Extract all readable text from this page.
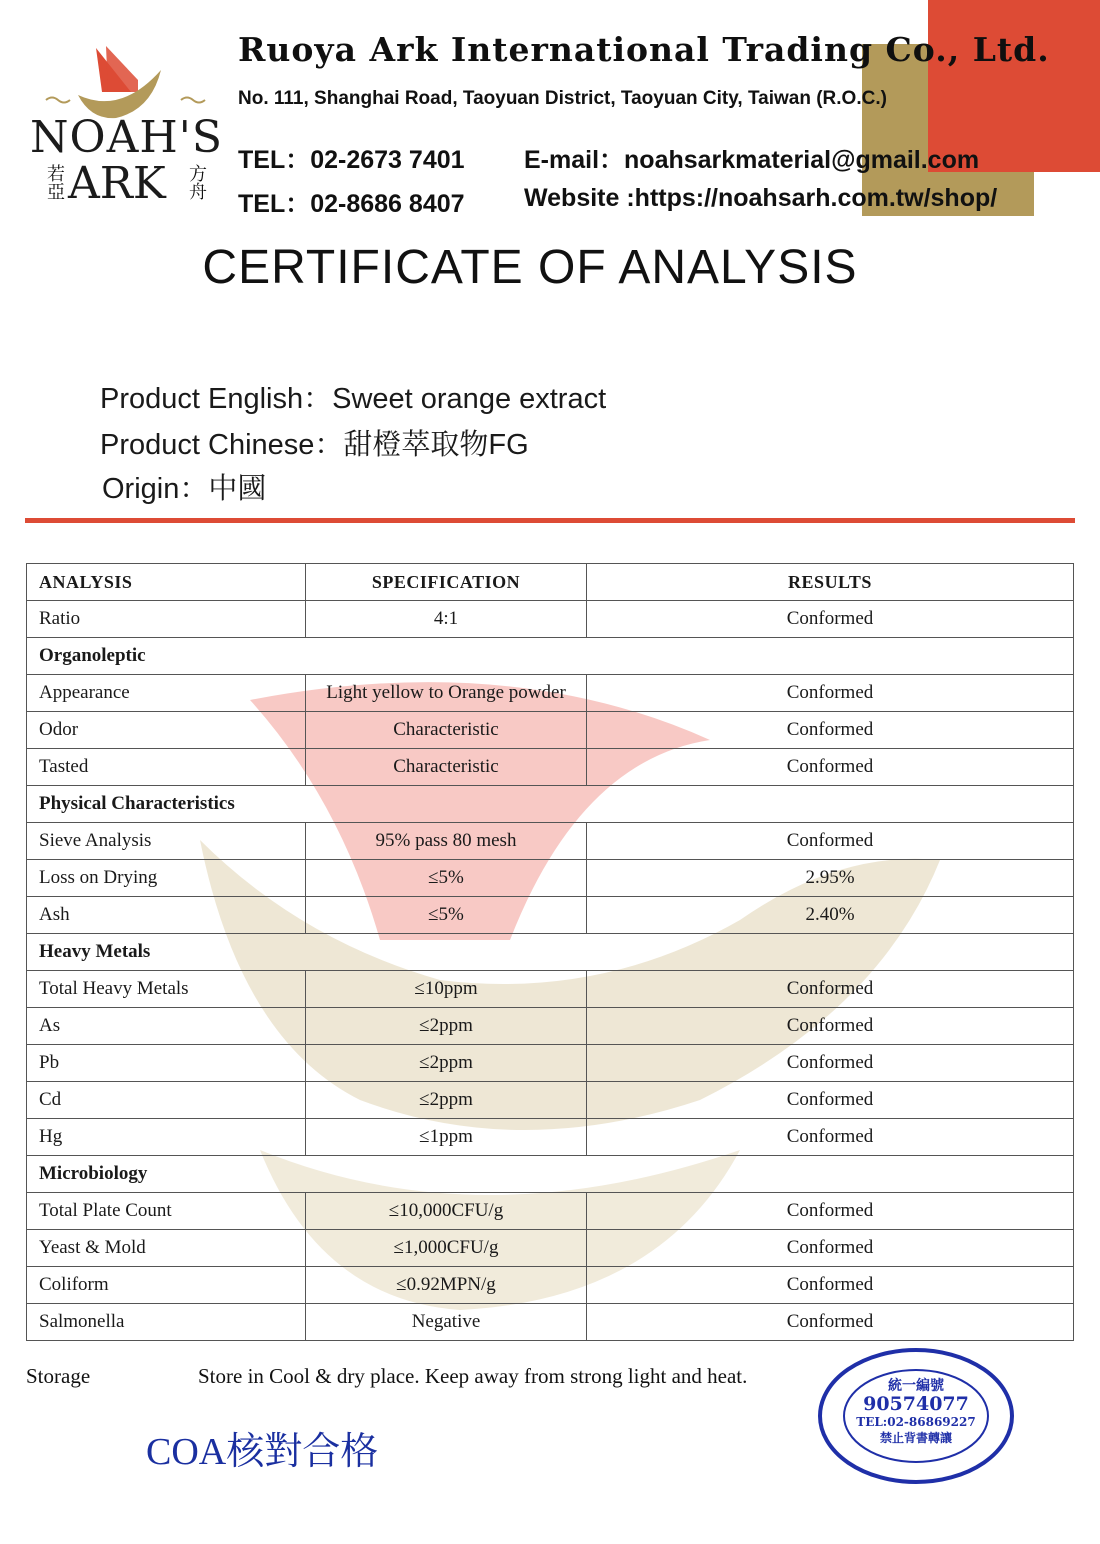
NOAH'S
ARK
若亞	方舟
Ruoya Ark International Trading Co., Ltd.
No. 111, Shanghai Road, Taoyuan District, Taoyuan City, Taiwan (R.O.C.)
TEL：02-2673 7401
TEL：02-8686 8407
E-mail：noahsarkmaterial@gmail.com
Website :https://noahsarh.com.tw/shop/
CERTIFICATE OF ANALYSIS
Product English：Sweet orange extract
Product Chinese：甜橙萃取物FG
Origin：中國
ANALYSIS	SPECIFICATION	RESULTS
Ratio	4:1	Conformed
Organoleptic		
Appearance	Light yellow to Orange powder	Conformed
Odor	Characteristic	Conformed
Tasted	Characteristic	Conformed
Physical Characteristics		
Sieve Analysis	95% pass 80 mesh	Conformed
Loss on Drying	≤5%	2.95%
Ash	≤5%	2.40%
Heavy Metals		
Total Heavy Metals	≤10ppm	Conformed
As	≤2ppm	Conformed
Pb	≤2ppm	Conformed
Cd	≤2ppm	Conformed
Hg	≤1ppm	Conformed
Microbiology		
Total Plate Count	≤10,000CFU/g	Conformed
Yeast & Mold	≤1,000CFU/g	Conformed
Coliform	≤0.92MPN/g	Conformed
Salmonella	Negative	Conformed
Storage	Store in Cool & dry place. Keep away from strong light and heat.
COA核對合格
統一編號
90574077
TEL:02-86869227
禁止背書轉讓
